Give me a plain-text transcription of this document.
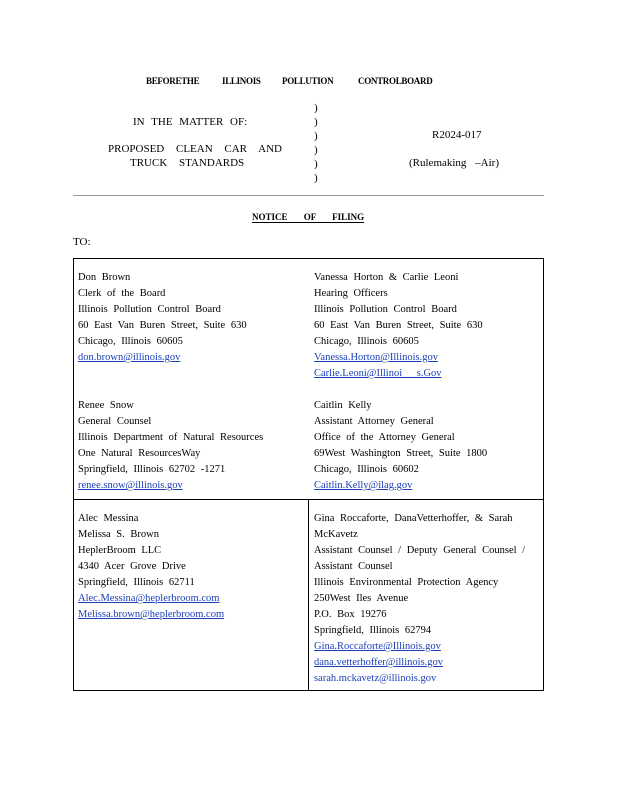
BEFORETHE	ILLINOIS POLLUTION	CONTROLBOARD
IN THE MATTER OF:
PROPOSED CLEAN CAR AND
TRUCK STANDARDS
)
)
)
)
)
)
R2024-017
(Rulemaking –Air)
NOTICE OF FILING
TO:
Don Brown
Clerk of the Board
Illinois Pollution Control Board
60 East Van Buren Street, Suite 630
Chicago, Illinois 60605
don.brown@illinois.gov
Vanessa Horton & Carlie Leoni
Hearing Officers
Illinois Pollution Control Board
60 East Van Buren Street, Suite 630
Chicago, Illinois 60605
Vanessa.Horton@Illinois.gov
Carlie.Leoni@Illinoi s.Gov
Renee Snow
General Counsel
Illinois Department of Natural Resources
One Natural ResourcesWay
Springfield, Illinois 62702 -1271
renee.snow@illinois.gov
Caitlin Kelly
Assistant Attorney General
Office of the Attorney General
69West Washington Street, Suite 1800
Chicago, Illinois 60602
Caitlin.Kelly@ilag.gov
Alec Messina
Melissa S. Brown
HeplerBroom LLC
4340 Acer Grove Drive
Springfield, Illinois 62711
Alec.Messina@heplerbroom.com
Melissa.brown@heplerbroom.com
Gina Roccaforte, DanaVetterhoffer, & Sarah
McKavetz
Assistant Counsel / Deputy General Counsel /
Assistant Counsel
Illinois Environmental Protection Agency
250West Iles Avenue
P.O. Box 19276
Springfield, Illinois 62794
Gina.Roccaforte@Illinois.gov
dana.vetterhoffer@illinois.gov
sarah.mckavetz@illinois.gov
